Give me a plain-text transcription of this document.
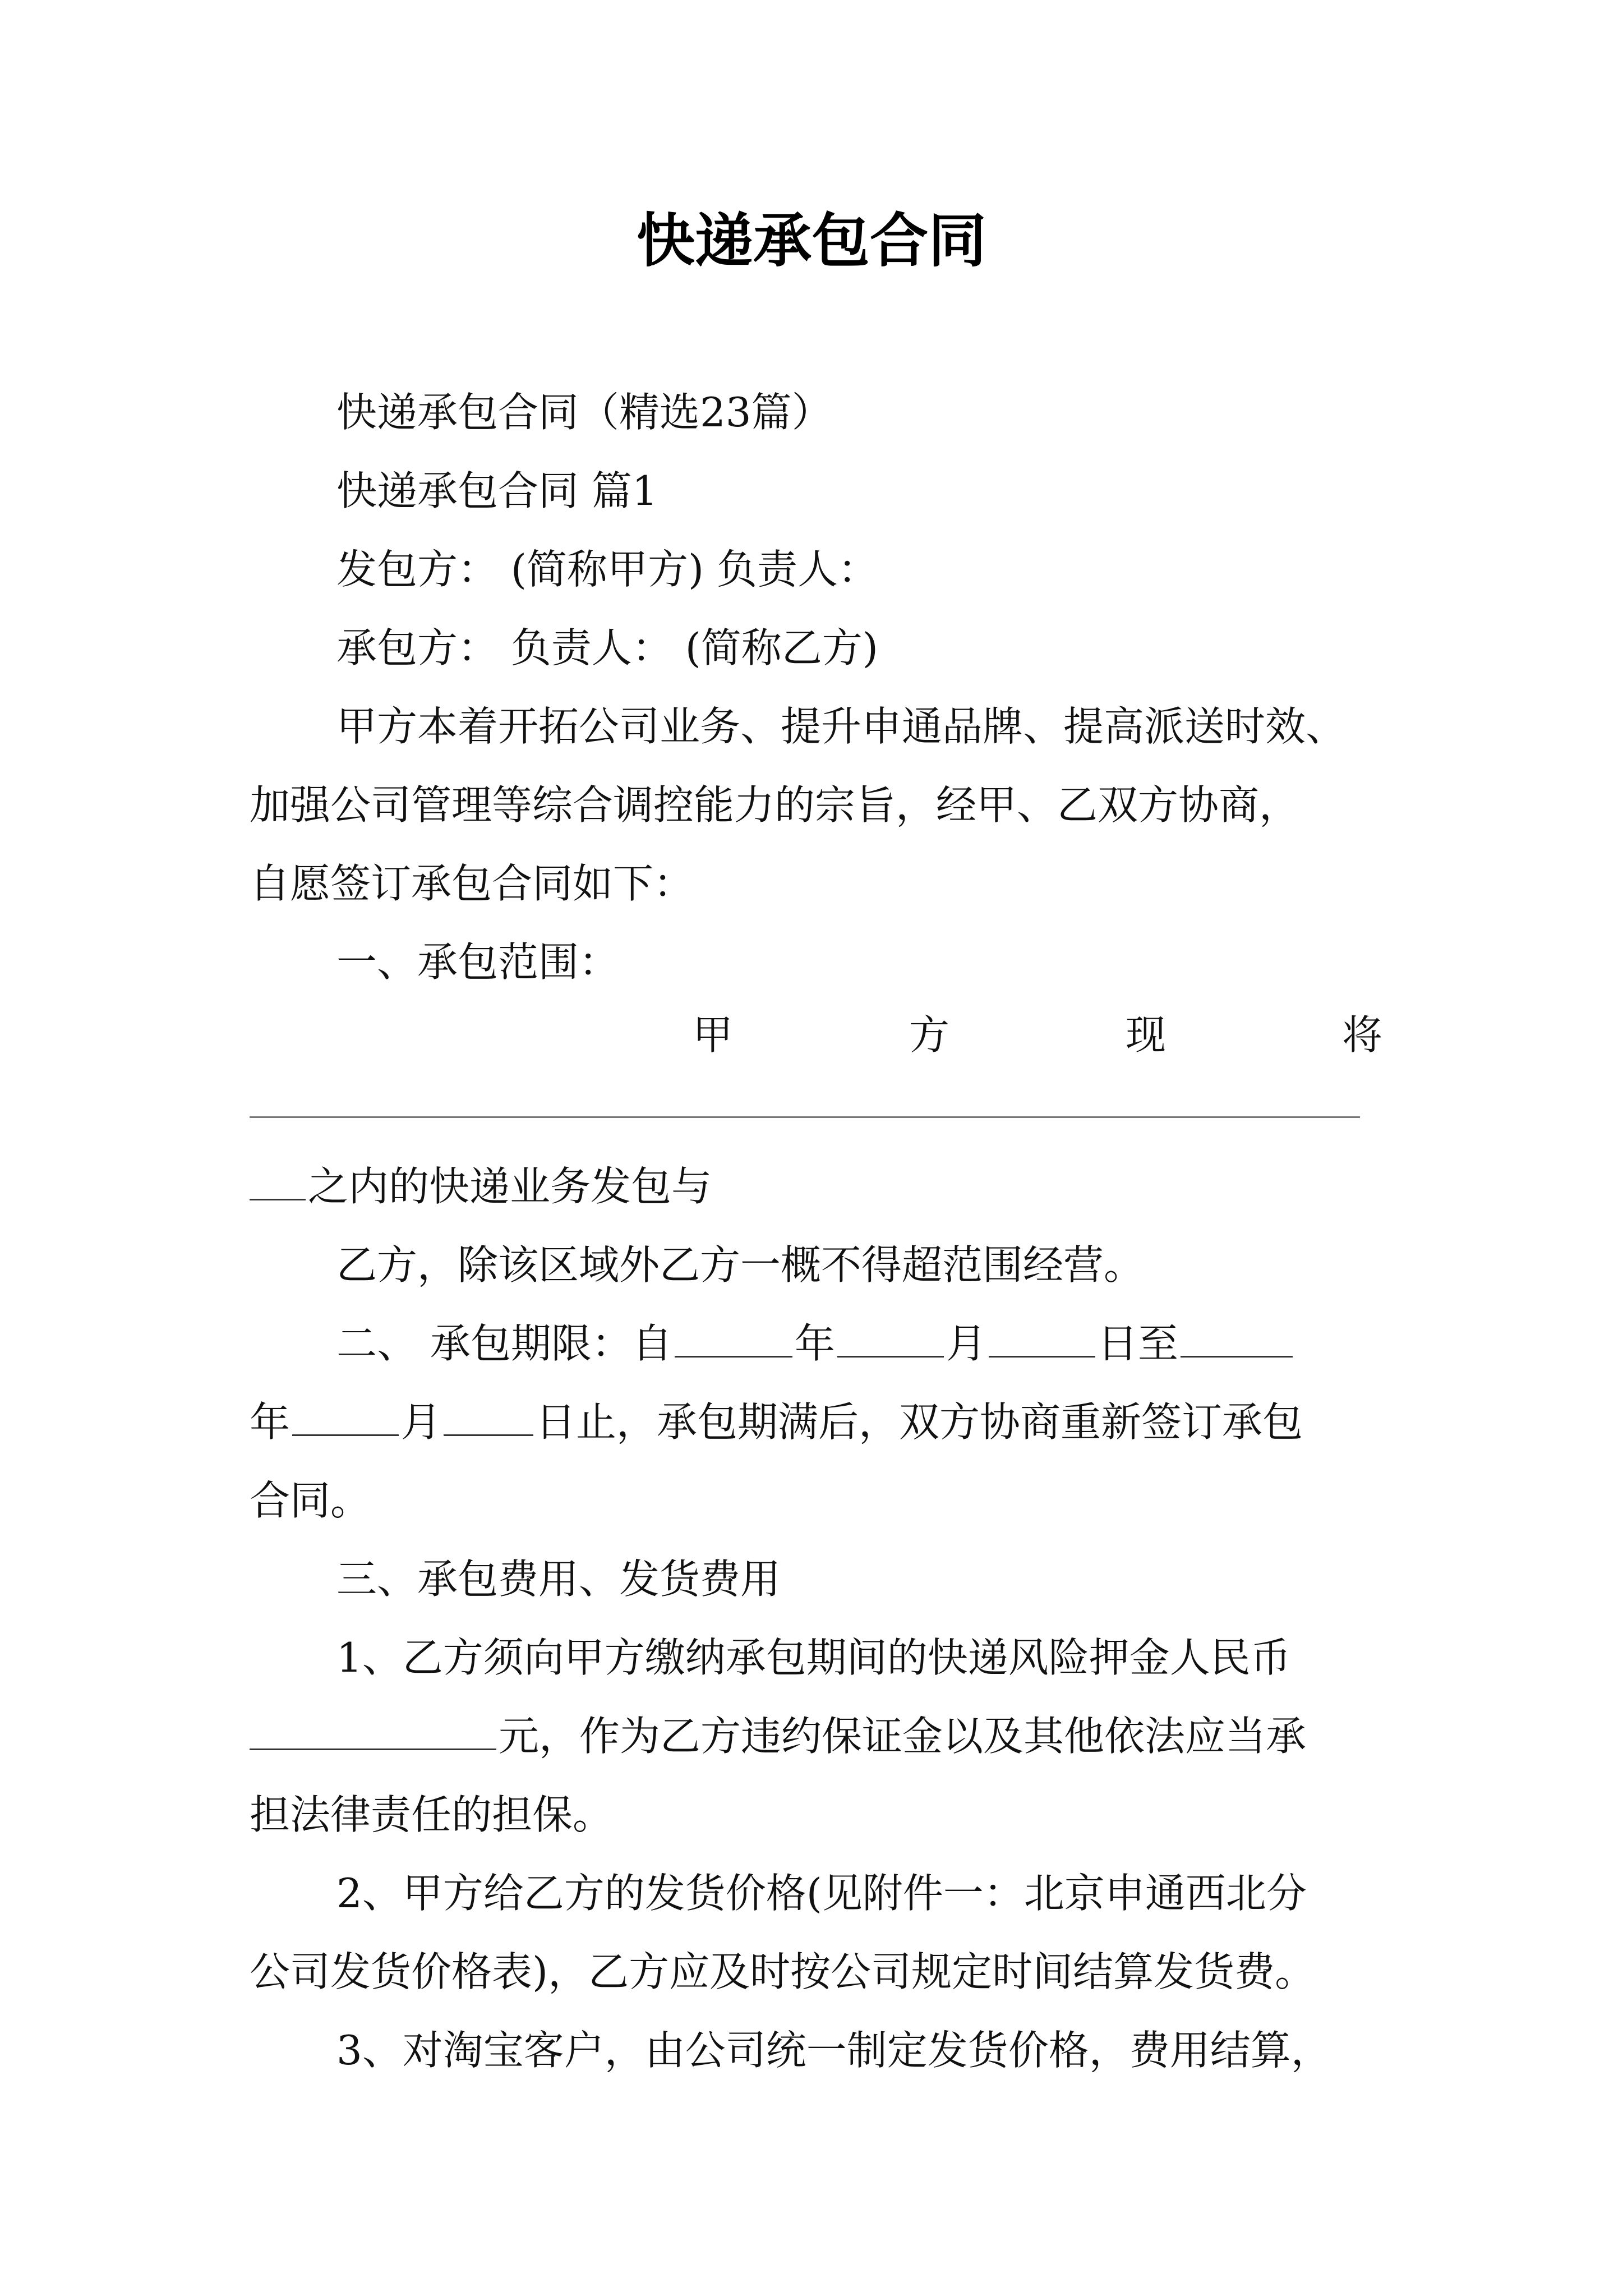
快递承包合同
快递承包合同（精选23篇）
快递承包合同 篇1
发包方： (简称甲方) 负责人：
承包方： 负责人： (简称乙方)
甲方本着开拓公司业务、提升申通品牌、提高派送时效、
加强公司管理等综合调控能力的宗旨，经甲、乙双方协商，
自愿签订承包合同如下：
一、承包范围：
甲	方	现	将
之内的快递业务发包与
乙方，除该区域外乙方一概不得超范围经营。
二、 承包期限：自	年	月	日至
年	月 日止，承包期满后，双方协商重新签订承包
合同。
三、承包费用、发货费用
1、乙方须向甲方缴纳承包期间的快递风险押金人民币
元，作为乙方违约保证金以及其他依法应当承
担法律责任的担保。
2、甲方给乙方的发货价格(见附件一：北京申通西北分
公司发货价格表)，乙方应及时按公司规定时间结算发货费。
3、对淘宝客户，由公司统一制定发货价格，费用结算，
